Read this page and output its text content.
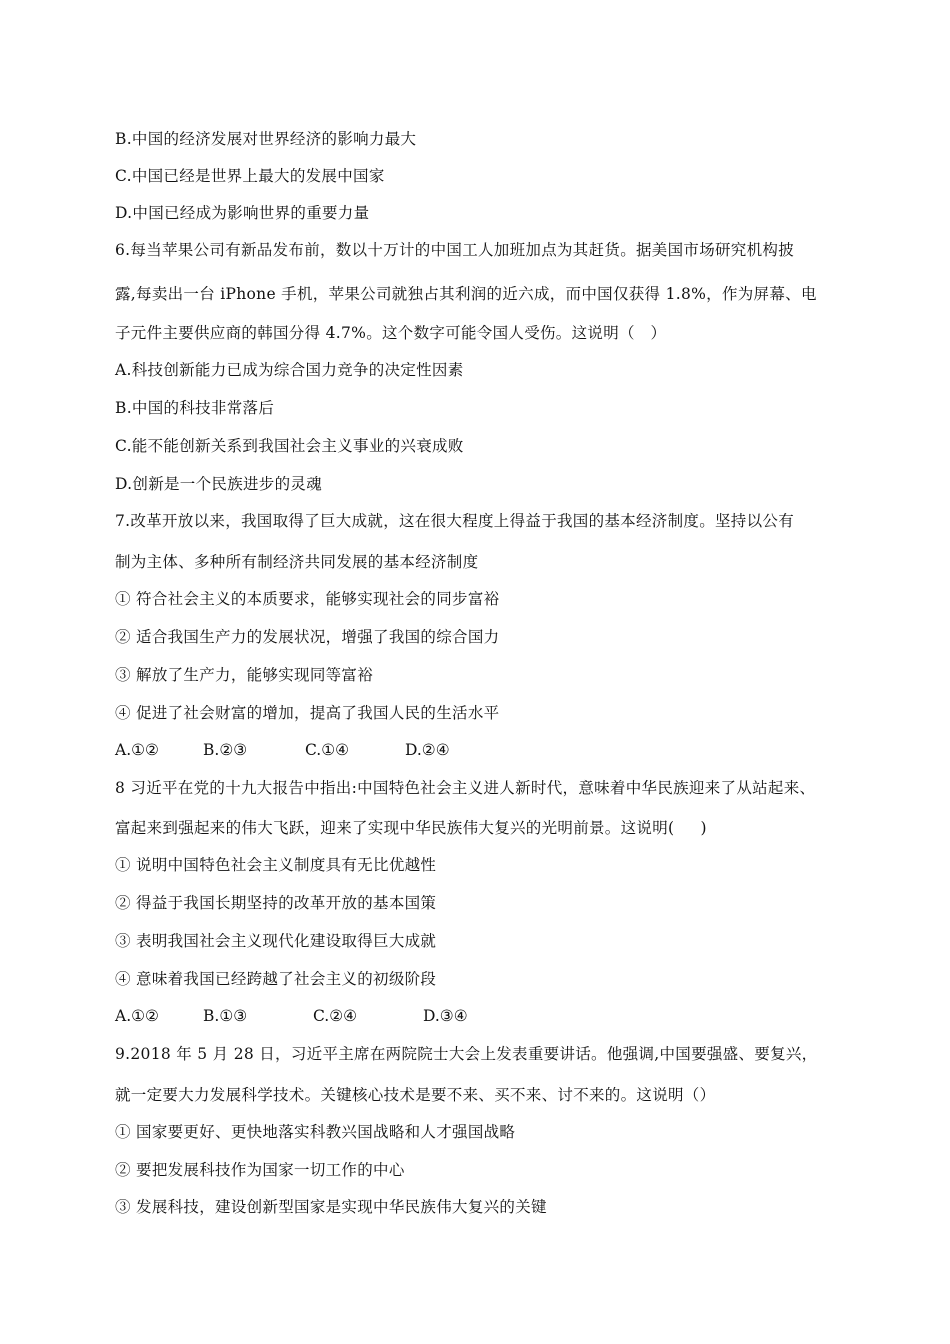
B.中国的经济发展对世界经济的影响力最大
C.中国已经是世界上最大的发展中国家
D.中国已经成为影响世界的重要力量
6.每当苹果公司有新品发布前，数以十万计的中国工人加班加点为其赶货。据美国市场研究机构披
露,每卖出一台 iPhone 手机，苹果公司就独占其利润的近六成，而中国仅获得 1.8%，作为屏幕、电
子元件主要供应商的韩国分得 4.7%。这个数字可能令国人受伤。这说明（   ）
A.科技创新能力已成为综合国力竞争的决定性因素
B.中国的科技非常落后
C.能不能创新关系到我国社会主义事业的兴衰成败
D.创新是一个民族进步的灵魂
7.改革开放以来，我国取得了巨大成就，这在很大程度上得益于我国的基本经济制度。坚持以公有
制为主体、多种所有制经济共同发展的基本经济制度
① 符合社会主义的本质要求，能够实现社会的同步富裕
② 适合我国生产力的发展状况，增强了我国的综合国力
③ 解放了生产力，能够实现同等富裕
④ 促进了社会财富的增加，提高了我国人民的生活水平

A.①②

	B.②③

	C.①④

	D.②④

8 习近平在党的十九大报告中指出:中国特色社会主义进人新时代，意味着中华民族迎来了从站起来、
富起来到强起来的伟大飞跃，迎来了实现中华民族伟大复兴的光明前景。这说明(     )
① 说明中国特色社会主义制度具有无比优越性
② 得益于我国长期坚持的改革开放的基本国策
③ 表明我国社会主义现代化建设取得巨大成就
④ 意味着我国已经跨越了社会主义的初级阶段

A.①②

	B.①③

	C.②④

	D.③④

9.2018 年 5 月 28 日，习近平主席在两院院士大会上发表重要讲话。他强调,中国要强盛、要复兴，
就一定要大力发展科学技术。关键核心技术是要不来、买不来、讨不来的。这说明（）
① 国家要更好、更快地落实科教兴国战略和人才强国战略
② 要把发展科技作为国家一切工作的中心
③ 发展科技，建设创新型国家是实现中华民族伟大复兴的关键
